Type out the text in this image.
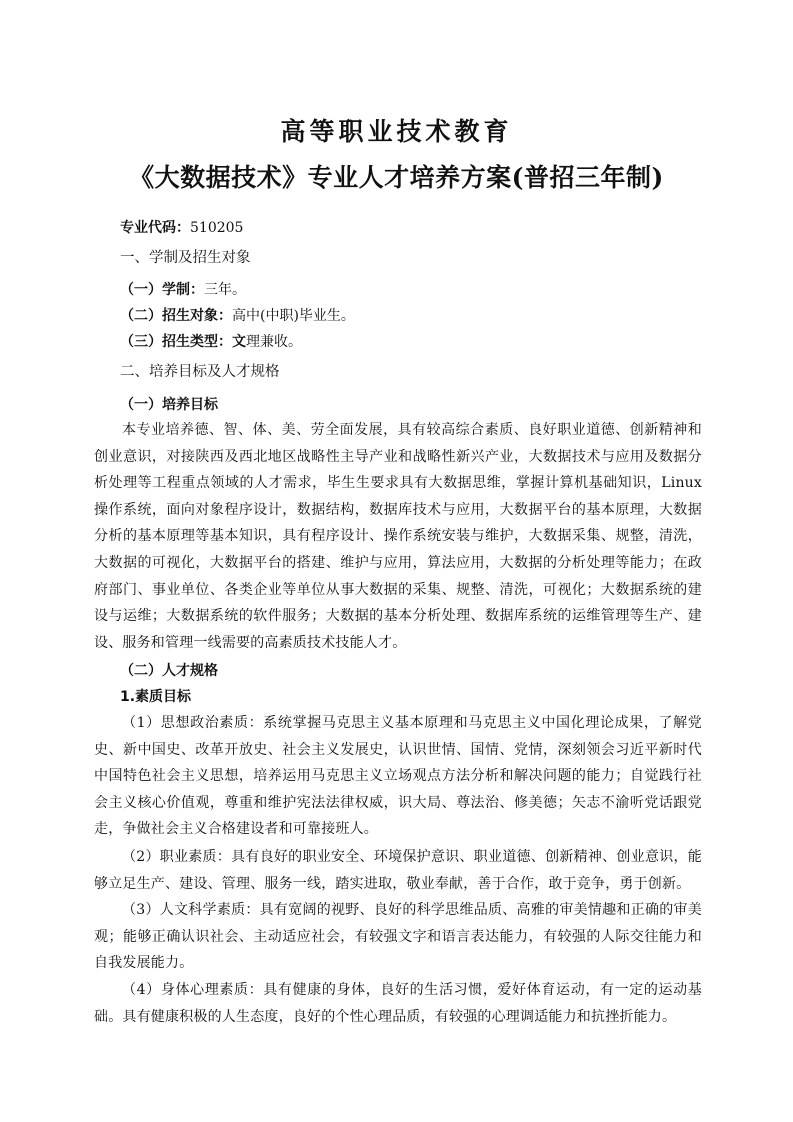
高等职业技术教育
《大数据技术》专业人才培养方案(普招三年制)
专业代码：510205
一、学制及招生对象
（一）学制：三年。
（二）招生对象：高中(中职)毕业生。
（三）招生类型：文理兼收。
二、培养目标及人才规格
（一）培养目标
本专业培养德、智、体、美、劳全面发展，具有较高综合素质、良好职业道德、创新精神和创业意识，对接陕西及西北地区战略性主导产业和战略性新兴产业，大数据技术与应用及数据分析处理等工程重点领域的人才需求，毕生生要求具有大数据思维，掌握计算机基础知识，Linux操作系统，面向对象程序设计，数据结构，数据库技术与应用，大数据平台的基本原理，大数据分析的基本原理等基本知识，具有程序设计、操作系统安装与维护，大数据采集、规整，清洗，大数据的可视化，大数据平台的搭建、维护与应用，算法应用，大数据的分析处理等能力；在政府部门、事业单位、各类企业等单位从事大数据的采集、规整、清洗，可视化；大数据系统的建设与运维；大数据系统的软件服务；大数据的基本分析处理、数据库系统的运维管理等生产、建设、服务和管理一线需要的高素质技术技能人才。
（二）人才规格
1.素质目标
（1）思想政治素质：系统掌握马克思主义基本原理和马克思主义中国化理论成果，了解党史、新中国史、改革开放史、社会主义发展史，认识世情、国情、党情，深刻领会习近平新时代中国特色社会主义思想，培养运用马克思主义立场观点方法分析和解决问题的能力；自觉践行社会主义核心价值观，尊重和维护宪法法律权威，识大局、尊法治、修美德；矢志不渝听党话跟党走，争做社会主义合格建设者和可靠接班人。
（2）职业素质：具有良好的职业安全、环境保护意识、职业道德、创新精神、创业意识，能够立足生产、建设、管理、服务一线，踏实进取，敬业奉献，善于合作，敢于竞争，勇于创新。
（3）人文科学素质：具有宽阔的视野、良好的科学思维品质、高雅的审美情趣和正确的审美观；能够正确认识社会、主动适应社会，有较强文字和语言表达能力，有较强的人际交往能力和自我发展能力。
（4）身体心理素质：具有健康的身体，良好的生活习惯，爱好体育运动，有一定的运动基础。具有健康积极的人生态度，良好的个性心理品质，有较强的心理调适能力和抗挫折能力。
